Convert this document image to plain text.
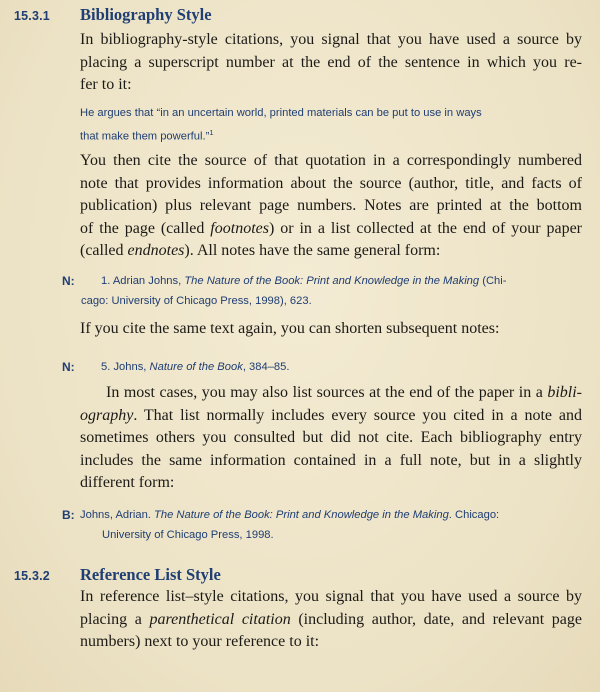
15.3.1 Bibliography Style
In bibliography-style citations, you signal that you have used a source by
placing a superscript number at the end of the sentence in which you re-
fer to it:
He argues that “in an uncertain world, printed materials can be put to use in ways
that make them powerful.”$^1$
You then cite the source of that quotation in a correspondingly numbered
note that provides information about the source (author, title, and facts of
publication) plus relevant page numbers. Notes are printed at the bottom
of the page (called footnotes) or in a list collected at the end of your paper
(called endnotes). All notes have the same general form:
N: 1. Adrian Johns, The Nature of the Book: Print and Knowledge in the Making (Chi-
cago: University of Chicago Press, 1998), 623.
If you cite the same text again, you can shorten subsequent notes:
N: 5. Johns, Nature of the Book, 384–85.
In most cases, you may also list sources at the end of the paper in a bibli-
ography. That list normally includes every source you cited in a note and
sometimes others you consulted but did not cite. Each bibliography entry
includes the same information contained in a full note, but in a slightly
different form:
B: Johns, Adrian. The Nature of the Book: Print and Knowledge in the Making. Chicago:
University of Chicago Press, 1998.
15.3.2 Reference List Style
In reference list–style citations, you signal that you have used a source by
placing a parenthetical citation (including author, date, and relevant page
numbers) next to your reference to it:
